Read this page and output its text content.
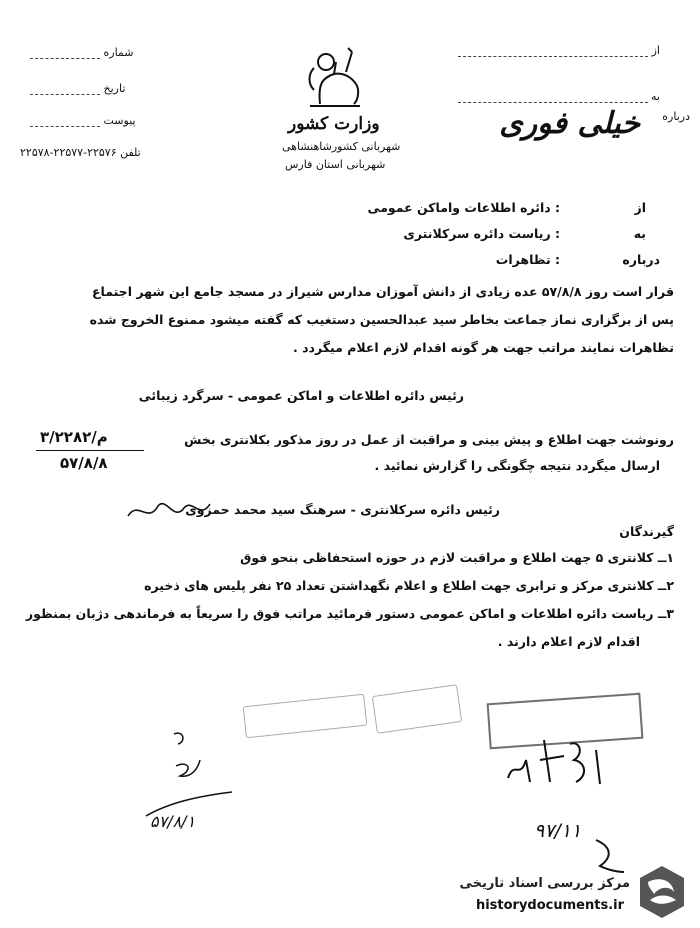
از
به
درباره
خیلی فوری
وزارت کشور
شهربانی کشورشاهنشاهی
شهربانی استان فارس
شماره
تاریخ
پیوست
تلفن ۲۲۵۷۶-۲۲۵۷۷-۲۲۵۷۸
از
: دائره اطلاعات واماکن عمومی
به
: ریاست دائره سرکلانتری
درباره
: تظاهرات
قرار است روز ۵۷/۸/۸ عده زیادی از دانش آموزان مدارس شیراز در مسجد جامع این شهر اجتماع
پس از برگزاری نماز جماعت بخاطر سید عبدالحسین دستغیب که گفته میشود ممنوع الخروج شده
تظاهرات نمایند مراتب جهت هر گونه اقدام لازم اعلام میگردد .
رئیس دائره اطلاعات و اماکن عمومی - سرگرد زیبائی
م/۳/۲۲۸۲
۵۷/۸/۸
رونوشت جهت اطلاع و پیش بینی و مراقبت از عمل در روز مذکور بکلانتری بخش
ارسال میگردد نتیجه چگونگی را گزارش نمائید .
رئیس دائره سرکلانتری - سرهنگ سید محمد حمزوی
گیرندگان
۱ــ کلانتری ۵ جهت اطلاع و مراقبت لازم در حوزه استحفاظی بنحو فوق
۲ــ کلانتری مرکز و ترابری جهت اطلاع و اعلام نگهداشتن تعداد ۲۵ نفر پلیس های ذخیره
۳ــ ریاست دائره اطلاعات و اماکن عمومی دستور فرمائید مراتب فوق را سریعاً به فرماندهی دژبان بمنظور
اقدام لازم اعلام دارند .
۵۷/۸/۱	۹۷/۱۱
مرکز بررسی اسناد تاریخی
historydocuments.ir
